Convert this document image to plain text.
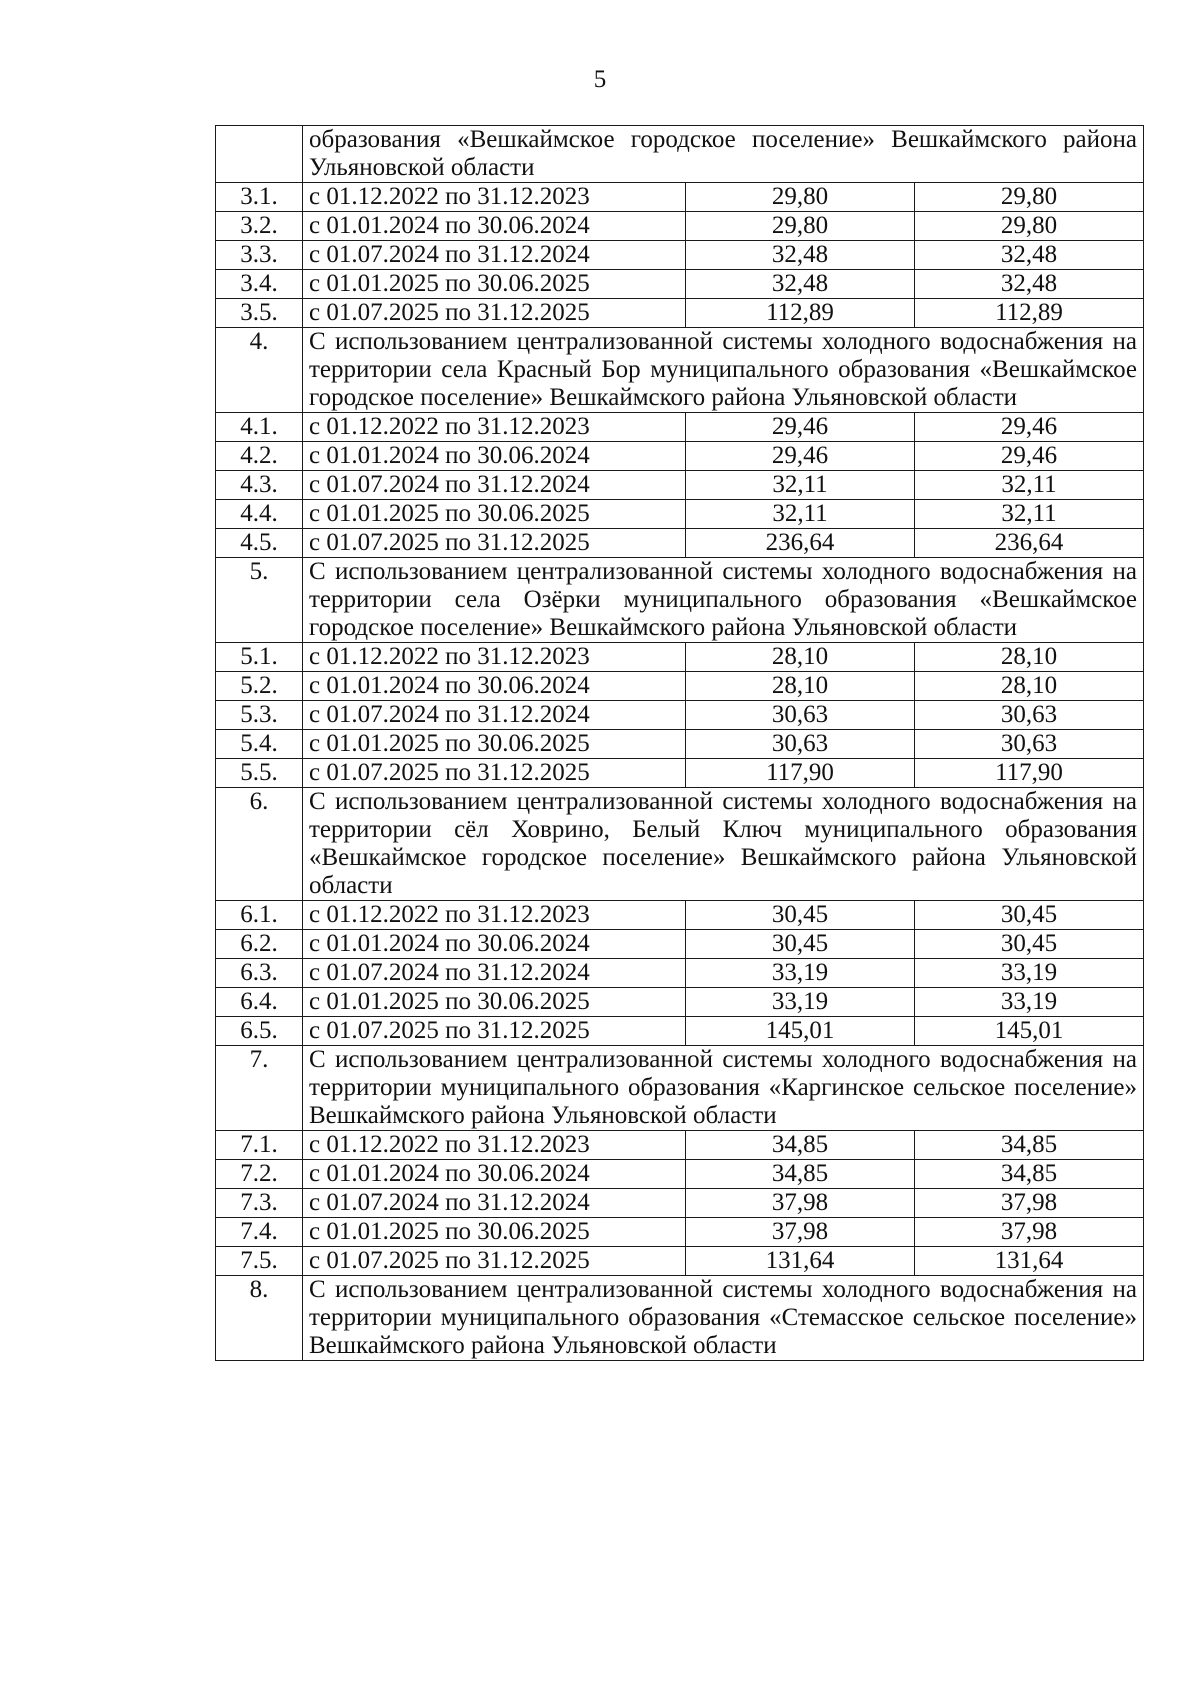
5
	образования «Вешкаймское городское поселение» Вешкаймского района Ульяновской области		
3.1.	с 01.12.2022 по 31.12.2023	29,80	29,80
3.2.	с 01.01.2024 по 30.06.2024	29,80	29,80
3.3.	с 01.07.2024 по 31.12.2024	32,48	32,48
3.4.	с 01.01.2025 по 30.06.2025	32,48	32,48
3.5.	с 01.07.2025 по 31.12.2025	112,89	112,89
4.	С использованием централизованной системы холодного водоснабжения на территории села Красный Бор муниципального образования «Вешкаймское городское поселение» Вешкаймского района Ульяновской области		
4.1.	с 01.12.2022 по 31.12.2023	29,46	29,46
4.2.	с 01.01.2024 по 30.06.2024	29,46	29,46
4.3.	с 01.07.2024 по 31.12.2024	32,11	32,11
4.4.	с 01.01.2025 по 30.06.2025	32,11	32,11
4.5.	с 01.07.2025 по 31.12.2025	236,64	236,64
5.	С использованием централизованной системы холодного водоснабжения на территории села Озёрки муниципального образования «Вешкаймское городское поселение» Вешкаймского района Ульяновской области		
5.1.	с 01.12.2022 по 31.12.2023	28,10	28,10
5.2.	с 01.01.2024 по 30.06.2024	28,10	28,10
5.3.	с 01.07.2024 по 31.12.2024	30,63	30,63
5.4.	с 01.01.2025 по 30.06.2025	30,63	30,63
5.5.	с 01.07.2025 по 31.12.2025	117,90	117,90
6.	С использованием централизованной системы холодного водоснабжения на территории сёл Ховрино, Белый Ключ муниципального образования «Вешкаймское городское поселение» Вешкаймского района Ульяновской области		
6.1.	с 01.12.2022 по 31.12.2023	30,45	30,45
6.2.	с 01.01.2024 по 30.06.2024	30,45	30,45
6.3.	с 01.07.2024 по 31.12.2024	33,19	33,19
6.4.	с 01.01.2025 по 30.06.2025	33,19	33,19
6.5.	с 01.07.2025 по 31.12.2025	145,01	145,01
7.	С использованием централизованной системы холодного водоснабжения на территории муниципального образования «Каргинское сельское поселение» Вешкаймского района Ульяновской области		
7.1.	с 01.12.2022 по 31.12.2023	34,85	34,85
7.2.	с 01.01.2024 по 30.06.2024	34,85	34,85
7.3.	с 01.07.2024 по 31.12.2024	37,98	37,98
7.4.	с 01.01.2025 по 30.06.2025	37,98	37,98
7.5.	с 01.07.2025 по 31.12.2025	131,64	131,64
8.	С использованием централизованной системы холодного водоснабжения на территории муниципального образования «Стемасское сельское поселение» Вешкаймского района Ульяновской области		
